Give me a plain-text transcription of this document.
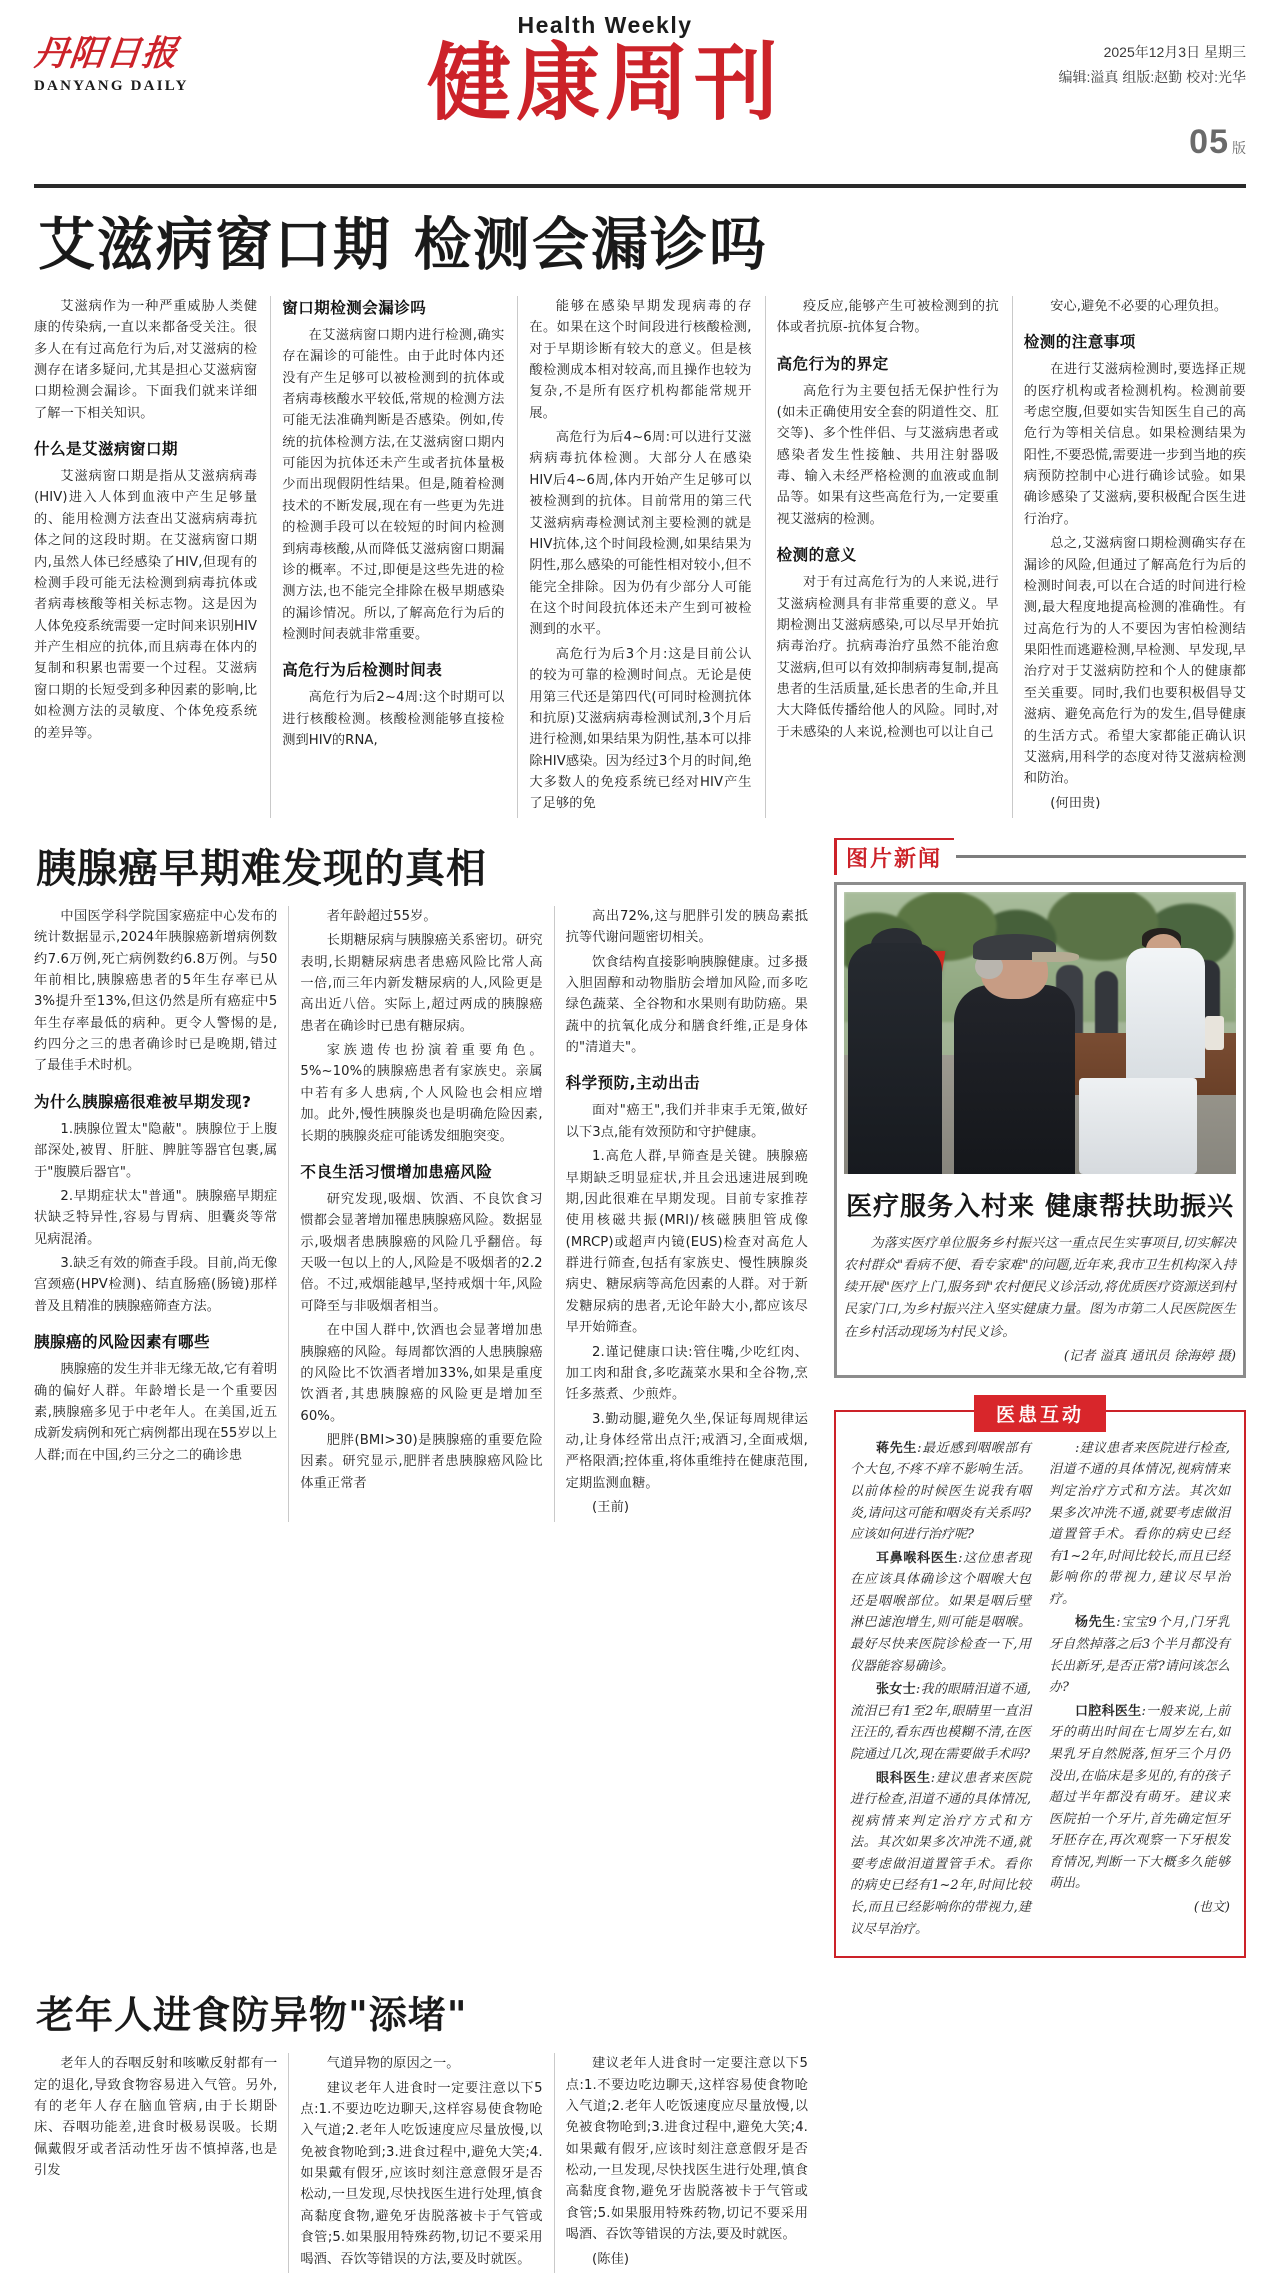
丹阳日报
DANYANG DAILY
Health Weekly
健康周刊	2025年12月3日 星期三
编辑:溢真 组版:赵勤 校对:光华
05 版
艾滋病窗口期 检测会漏诊吗

艾滋病作为一种严重威胁人类健康的传染病,一直以来都备受关注。很多人在有过高危行为后,对艾滋病的检测存在诸多疑问,尤其是担心艾滋病窗口期检测会漏诊。下面我们就来详细了解一下相关知识。

什么是艾滋病窗口期

艾滋病窗口期是指从艾滋病病毒(HIV)进入人体到血液中产生足够量的、能用检测方法查出艾滋病病毒抗体之间的这段时期。在艾滋病窗口期内,虽然人体已经感染了HIV,但现有的检测手段可能无法检测到病毒抗体或者病毒核酸等相关标志物。这是因为人体免疫系统需要一定时间来识别HIV并产生相应的抗体,而且病毒在体内的复制和积累也需要一个过程。艾滋病窗口期的长短受到多种因素的影响,比如检测方法的灵敏度、个体免疫系统的差异等。

窗口期检测会漏诊吗

在艾滋病窗口期内进行检测,确实存在漏诊的可能性。由于此时体内还没有产生足够可以被检测到的抗体或者病毒核酸水平较低,常规的检测方法可能无法准确判断是否感染。例如,传统的抗体检测方法,在艾滋病窗口期内可能因为抗体还未产生或者抗体量极少而出现假阴性结果。但是,随着检测技术的不断发展,现在有一些更为先进的检测手段可以在较短的时间内检测到病毒核酸,从而降低艾滋病窗口期漏诊的概率。不过,即便是这些先进的检测方法,也不能完全排除在极早期感染的漏诊情况。所以,了解高危行为后的检测时间表就非常重要。

高危行为后检测时间表

高危行为后2~4周:这个时期可以进行核酸检测。核酸检测能够直接检测到HIV的RNA,

能够在感染早期发现病毒的存在。如果在这个时间段进行核酸检测,对于早期诊断有较大的意义。但是核酸检测成本相对较高,而且操作也较为复杂,不是所有医疗机构都能常规开展。

高危行为后4~6周:可以进行艾滋病病毒抗体检测。大部分人在感染HIV后4~6周,体内开始产生足够可以被检测到的抗体。目前常用的第三代艾滋病病毒检测试剂主要检测的就是HIV抗体,这个时间段检测,如果结果为阴性,那么感染的可能性相对较小,但不能完全排除。因为仍有少部分人可能在这个时间段抗体还未产生到可被检测到的水平。

高危行为后3个月:这是目前公认的较为可靠的检测时间点。无论是使用第三代还是第四代(可同时检测抗体和抗原)艾滋病病毒检测试剂,3个月后进行检测,如果结果为阴性,基本可以排除HIV感染。因为经过3个月的时间,绝大多数人的免疫系统已经对HIV产生了足够的免

疫反应,能够产生可被检测到的抗体或者抗原-抗体复合物。

高危行为的界定

高危行为主要包括无保护性行为(如未正确使用安全套的阴道性交、肛交等)、多个性伴侣、与艾滋病患者或感染者发生性接触、共用注射器吸毒、输入未经严格检测的血液或血制品等。如果有这些高危行为,一定要重视艾滋病的检测。

检测的意义

对于有过高危行为的人来说,进行艾滋病检测具有非常重要的意义。早期检测出艾滋病感染,可以尽早开始抗病毒治疗。抗病毒治疗虽然不能治愈艾滋病,但可以有效抑制病毒复制,提高患者的生活质量,延长患者的生命,并且大大降低传播给他人的风险。同时,对于未感染的人来说,检测也可以让自己

安心,避免不必要的心理负担。

检测的注意事项

在进行艾滋病检测时,要选择正规的医疗机构或者检测机构。检测前要考虑空腹,但要如实告知医生自己的高危行为等相关信息。如果检测结果为阳性,不要恐慌,需要进一步到当地的疾病预防控制中心进行确诊试验。如果确诊感染了艾滋病,要积极配合医生进行治疗。

总之,艾滋病窗口期检测确实存在漏诊的风险,但通过了解高危行为后的检测时间表,可以在合适的时间进行检测,最大程度地提高检测的准确性。有过高危行为的人不要因为害怕检测结果阳性而逃避检测,早检测、早发现,早治疗对于艾滋病防控和个人的健康都至关重要。同时,我们也要积极倡导艾滋病、避免高危行为的发生,倡导健康的生活方式。希望大家都能正确认识艾滋病,用科学的态度对待艾滋病检测和防治。

(何田贵)

胰腺癌早期难发现的真相

中国医学科学院国家癌症中心发布的统计数据显示,2024年胰腺癌新增病例数约7.6万例,死亡病例数约6.8万例。与50年前相比,胰腺癌患者的5年生存率已从3%提升至13%,但这仍然是所有癌症中5年生存率最低的病种。更令人警惕的是,约四分之三的患者确诊时已是晚期,错过了最佳手术时机。

为什么胰腺癌很难被早期发现?

1.胰腺位置太"隐蔽"。胰腺位于上腹部深处,被胃、肝脏、脾脏等器官包裹,属于"腹膜后器官"。

2.早期症状太"普通"。胰腺癌早期症状缺乏特异性,容易与胃病、胆囊炎等常见病混淆。

3.缺乏有效的筛查手段。目前,尚无像宫颈癌(HPV检测)、结直肠癌(肠镜)那样普及且精准的胰腺癌筛查方法。

胰腺癌的风险因素有哪些

胰腺癌的发生并非无缘无故,它有着明确的偏好人群。年龄增长是一个重要因素,胰腺癌多见于中老年人。在美国,近五成新发病例和死亡病例都出现在55岁以上人群;而在中国,约三分之二的确诊患

者年龄超过55岁。

长期糖尿病与胰腺癌关系密切。研究表明,长期糖尿病患者患癌风险比常人高一倍,而三年内新发糖尿病的人,风险更是高出近八倍。实际上,超过两成的胰腺癌患者在确诊时已患有糖尿病。

家族遗传也扮演着重要角色。5%~10%的胰腺癌患者有家族史。亲属中若有多人患病,个人风险也会相应增加。此外,慢性胰腺炎也是明确危险因素,长期的胰腺炎症可能诱发细胞突变。

不良生活习惯增加患癌风险

研究发现,吸烟、饮酒、不良饮食习惯都会显著增加罹患胰腺癌风险。数据显示,吸烟者患胰腺癌的风险几乎翻倍。每天吸一包以上的人,风险是不吸烟者的2.2倍。不过,戒烟能越早,坚持戒烟十年,风险可降至与非吸烟者相当。

在中国人群中,饮酒也会显著增加患胰腺癌的风险。每周都饮酒的人患胰腺癌的风险比不饮酒者增加33%,如果是重度饮酒者,其患胰腺癌的风险更是增加至60%。

肥胖(BMI>30)是胰腺癌的重要危险因素。研究显示,肥胖者患胰腺癌风险比体重正常者

高出72%,这与肥胖引发的胰岛素抵抗等代谢问题密切相关。

饮食结构直接影响胰腺健康。过多摄入胆固醇和动物脂肪会增加风险,而多吃绿色蔬菜、全谷物和水果则有助防癌。果蔬中的抗氧化成分和膳食纤维,正是身体的"清道夫"。

科学预防,主动出击

面对"癌王",我们并非束手无策,做好以下3点,能有效预防和守护健康。

1.高危人群,早筛查是关键。胰腺癌早期缺乏明显症状,并且会迅速进展到晚期,因此很难在早期发现。目前专家推荐使用核磁共振(MRI)/核磁胰胆管成像(MRCP)或超声内镜(EUS)检查对高危人群进行筛查,包括有家族史、慢性胰腺炎病史、糖尿病等高危因素的人群。对于新发糖尿病的患者,无论年龄大小,都应该尽早开始筛查。

2.谨记健康口诀:管住嘴,少吃红肉、加工肉和甜食,多吃蔬菜水果和全谷物,烹饪多蒸煮、少煎炸。

3.勤动腿,避免久坐,保证每周规律运动,让身体经常出点汗;戒酒习,全面戒烟,严格限酒;控体重,将体重维持在健康范围,定期监测血糖。

(王前)

图片新闻
医疗服务入村来 健康帮扶助振兴

为落实医疗单位服务乡村振兴这一重点民生实事项目,切实解决农村群众"看病不便、看专家难"的问题,近年来,我市卫生机构深入持续开展"医疗上门,服务到"农村便民义诊活动,将优质医疗资源送到村民家门口,为乡村振兴注入坚实健康力量。图为市第二人民医院医生在乡村活动现场为村民义诊。

(记者 溢真 通讯员 徐海婷 摄)

医患互动

蒋先生:最近感到咽喉部有个大包,不疼不痒不影响生活。以前体检的时候医生说我有咽炎,请问这可能和咽炎有关系吗?应该如何进行治疗呢?

耳鼻喉科医生:这位患者现在应该具体确诊这个咽喉大包还是咽喉部位。如果是咽后壁淋巴滤泡增生,则可能是咽喉。最好尽快来医院诊检查一下,用仪器能容易确诊。

张女士:我的眼睛泪道不通,流泪已有1至2年,眼睛里一直泪汪汪的,看东西也模糊不清,在医院通过几次,现在需要做手术吗?

眼科医生:建议患者来医院进行检查,泪道不通的具体情况,视病情来判定治疗方式和方法。其次如果多次冲洗不通,就要考虑做泪道置管手术。看你的病史已经有1~2年,时间比较长,而且已经影响你的带视力,建议尽早治疗。

:建议患者来医院进行检查,泪道不通的具体情况,视病情来判定治疗方式和方法。其次如果多次冲洗不通,就要考虑做泪道置管手术。看你的病史已经有1~2年,时间比较长,而且已经影响你的带视力,建议尽早治疗。

杨先生:宝宝9个月,门牙乳牙自然掉落之后3个半月都没有长出新牙,是否正常?请问该怎么办?

口腔科医生:一般来说,上前牙的萌出时间在七周岁左右,如果乳牙自然脱落,恒牙三个月仍没出,在临床是多见的,有的孩子超过半年都没有萌牙。建议来医院拍一个牙片,首先确定恒牙牙胚存在,再次观察一下牙根发育情况,判断一下大概多久能够萌出。

(也文)

老年人进食防异物"添堵"

老年人的吞咽反射和咳嗽反射都有一定的退化,导致食物容易进入气管。另外,有的老年人存在脑血管病,由于长期卧床、吞咽功能差,进食时极易误吸。长期佩戴假牙或者活动性牙齿不慎掉落,也是引发

气道异物的原因之一。

建议老年人进食时一定要注意以下5点:1.不要边吃边聊天,这样容易使食物呛入气道;2.老年人吃饭速度应尽量放慢,以免被食物呛到;3.进食过程中,避免大笑;4.如果戴有假牙,应该时刻注意意假牙是否松动,一旦发现,尽快找医生进行处理,慎食高黏度食物,避免牙齿脱落被卡于气管或食管;5.如果服用特殊药物,切记不要采用喝酒、吞饮等错误的方法,要及时就医。

建议老年人进食时一定要注意以下5点:1.不要边吃边聊天,这样容易使食物呛入气道;2.老年人吃饭速度应尽量放慢,以免被食物呛到;3.进食过程中,避免大笑;4.如果戴有假牙,应该时刻注意意假牙是否松动,一旦发现,尽快找医生进行处理,慎食高黏度食物,避免牙齿脱落被卡于气管或食管;5.如果服用特殊药物,切记不要采用喝酒、吞饮等错误的方法,要及时就医。

(陈佳)
